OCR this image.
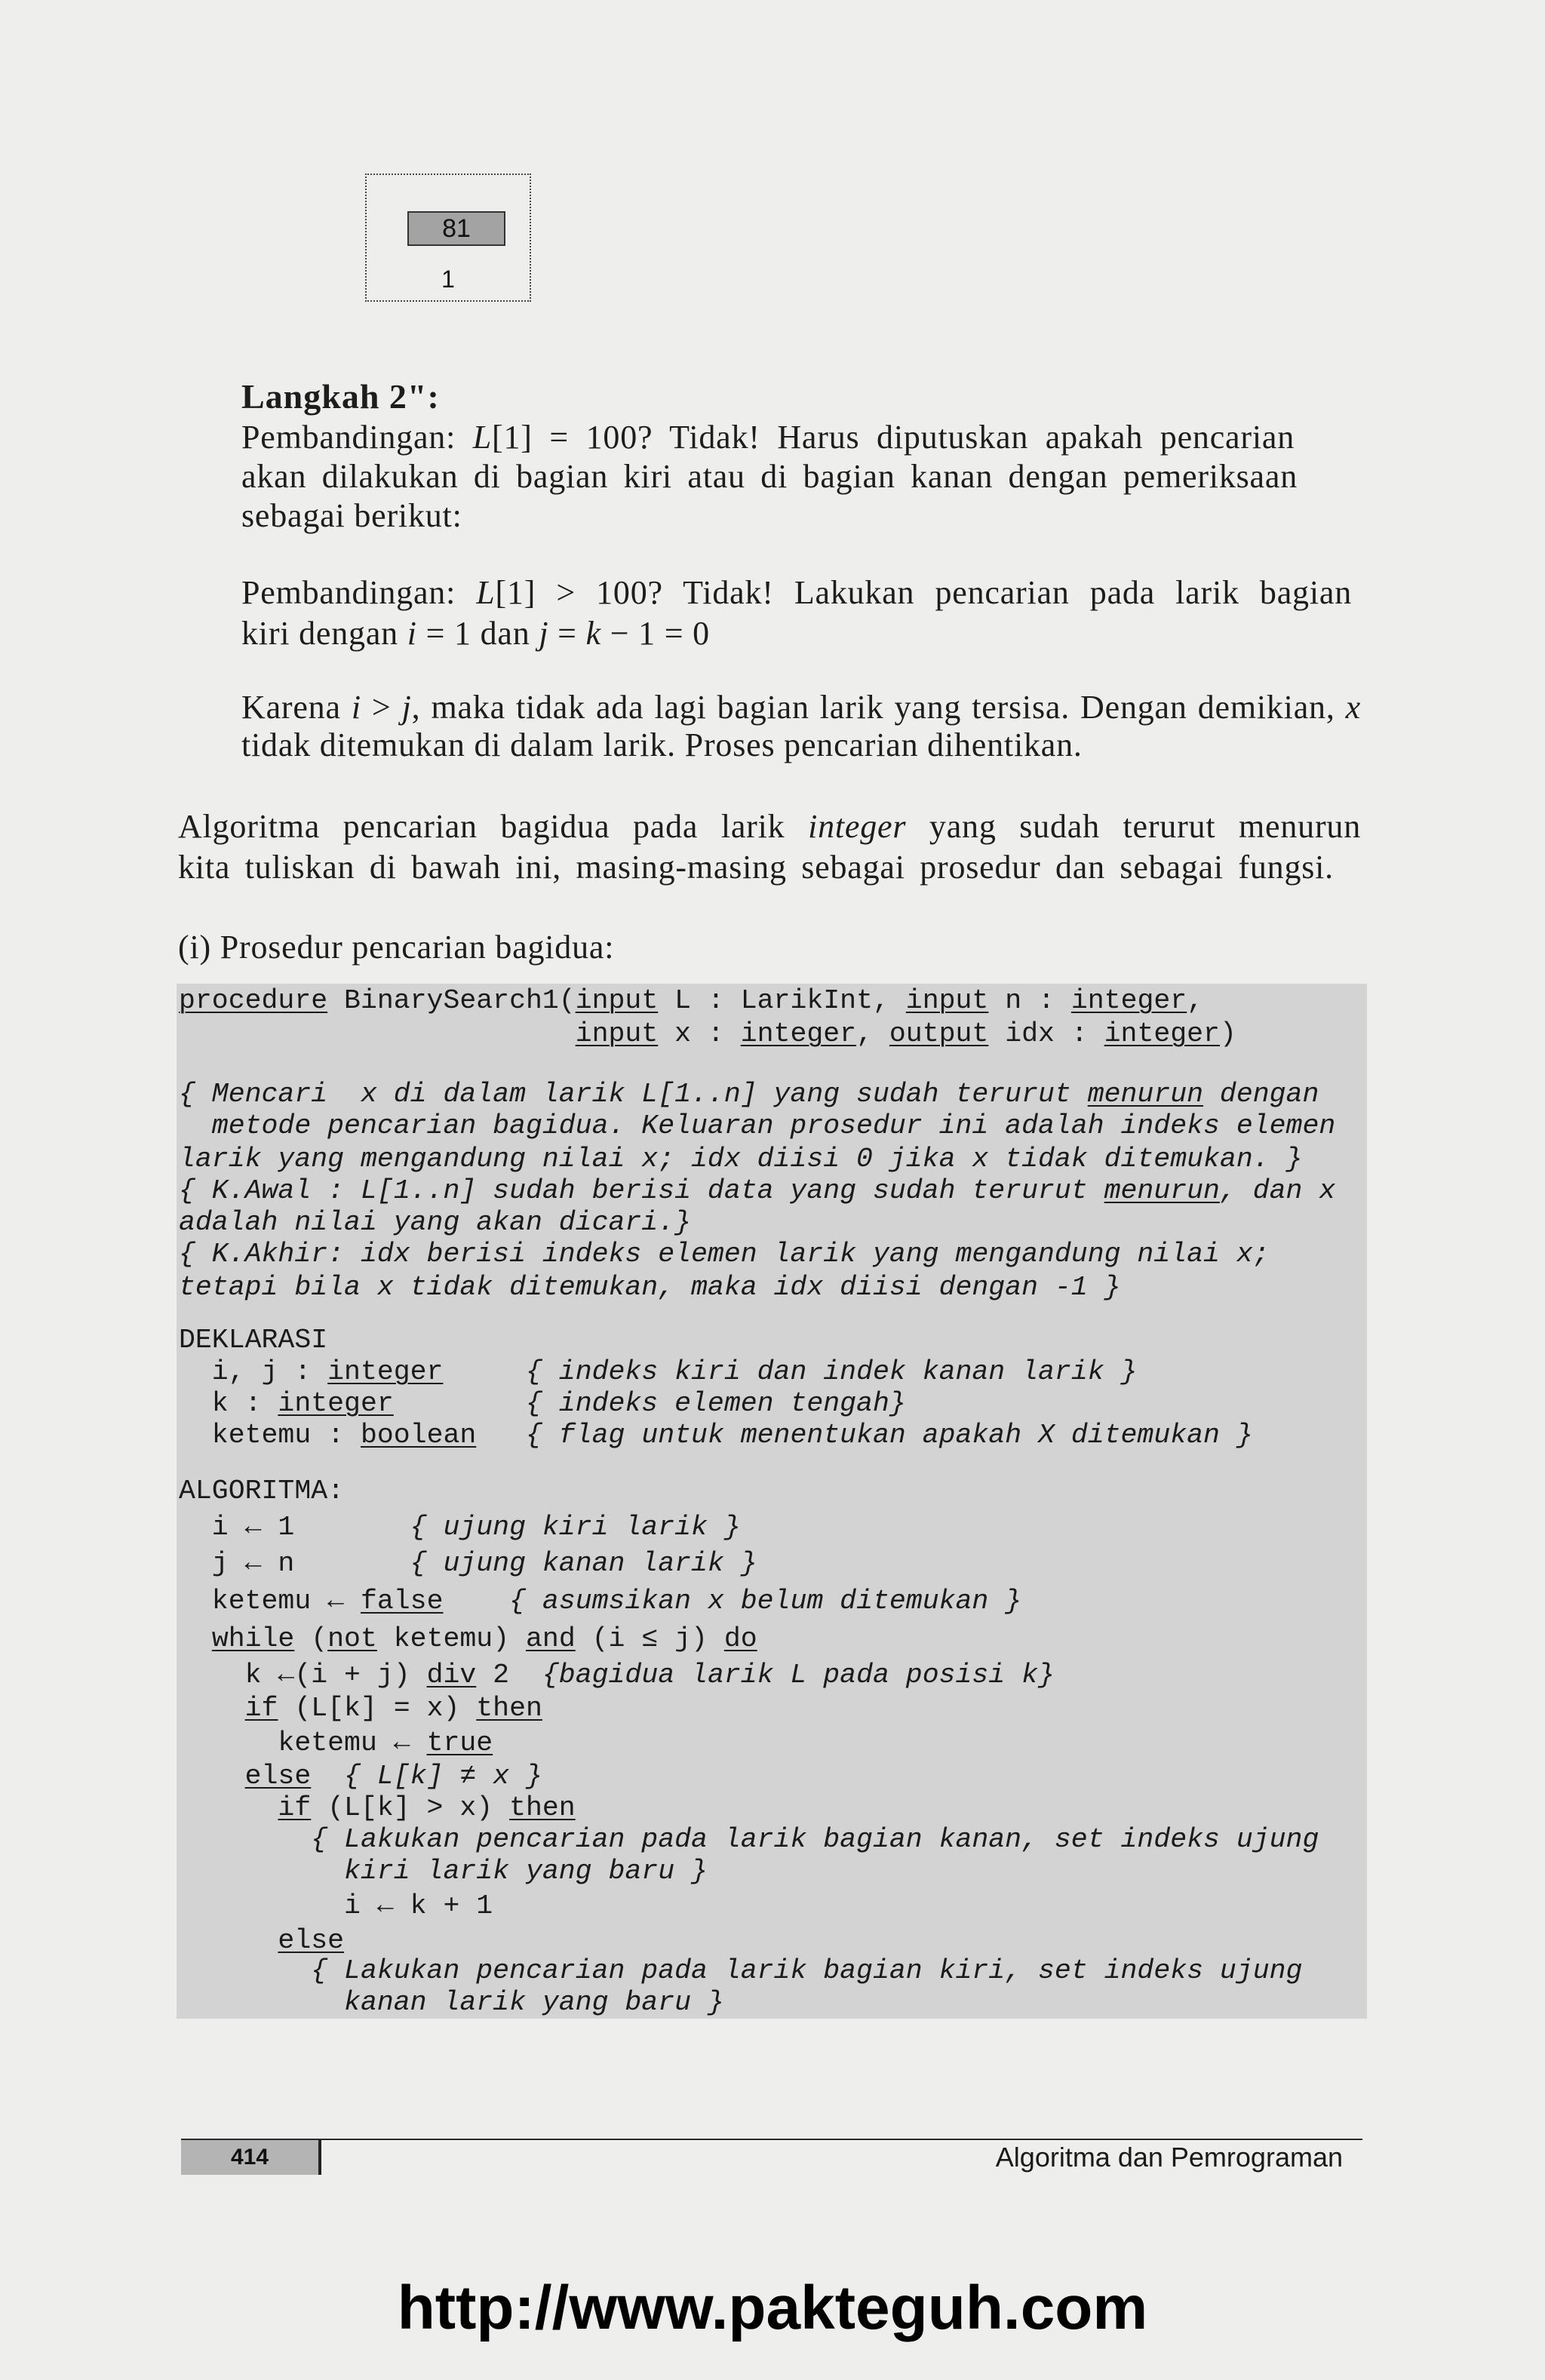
81
1
Langkah 2":
Pembandingan: L[1] = 100? Tidak! Harus diputuskan apakah pencarian
akan dilakukan di bagian kiri atau di bagian kanan dengan pemeriksaan
sebagai berikut:
Pembandingan: L[1] > 100? Tidak! Lakukan pencarian pada larik bagian
kiri dengan i = 1 dan j = k − 1 = 0
Karena i > j, maka tidak ada lagi bagian larik yang tersisa. Dengan demikian, x
tidak ditemukan di dalam larik. Proses pencarian dihentikan.
Algoritma pencarian bagidua pada larik integer yang sudah terurut menurun
kita tuliskan di bawah ini, masing-masing sebagai prosedur dan sebagai fungsi.
(i) Prosedur pencarian bagidua:
procedure BinarySearch1(input L : LarikInt, input n : integer,
input x : integer, output idx : integer)
{ Mencari  x di dalam larik L[1..n] yang sudah terurut menurun dengan
metode pencarian bagidua. Keluaran prosedur ini adalah indeks elemen
larik yang mengandung nilai x; idx diisi 0 jika x tidak ditemukan. }
{ K.Awal : L[1..n] sudah berisi data yang sudah terurut menurun, dan x
adalah nilai yang akan dicari.}
{ K.Akhir: idx berisi indeks elemen larik yang mengandung nilai x;
tetapi bila x tidak ditemukan, maka idx diisi dengan -1 }
DEKLARASI
i, j : integer	{ indeks kiri dan indek kanan larik }
k : integer	{ indeks elemen tengah}
ketemu : boolean { flag untuk menentukan apakah X ditemukan }
ALGORITMA:
i ← 1       { ujung kiri larik }
j ← n       { ujung kanan larik }
ketemu ← false { asumsikan x belum ditemukan }
while (not ketemu) and (i ≤ j) do
k ←(i + j) div 2  {bagidua larik L pada posisi k}
if (L[k] = x) then
ketemu ← true
else { L[k] ≠ x }
if (L[k] > x) then
{ Lakukan pencarian pada larik bagian kanan, set indeks ujung
kiri larik yang baru }
i ← k + 1
else
{ Lakukan pencarian pada larik bagian kiri, set indeks ujung
kanan larik yang baru }
414	Algoritma dan Pemrograman
http://www.pakteguh.com
